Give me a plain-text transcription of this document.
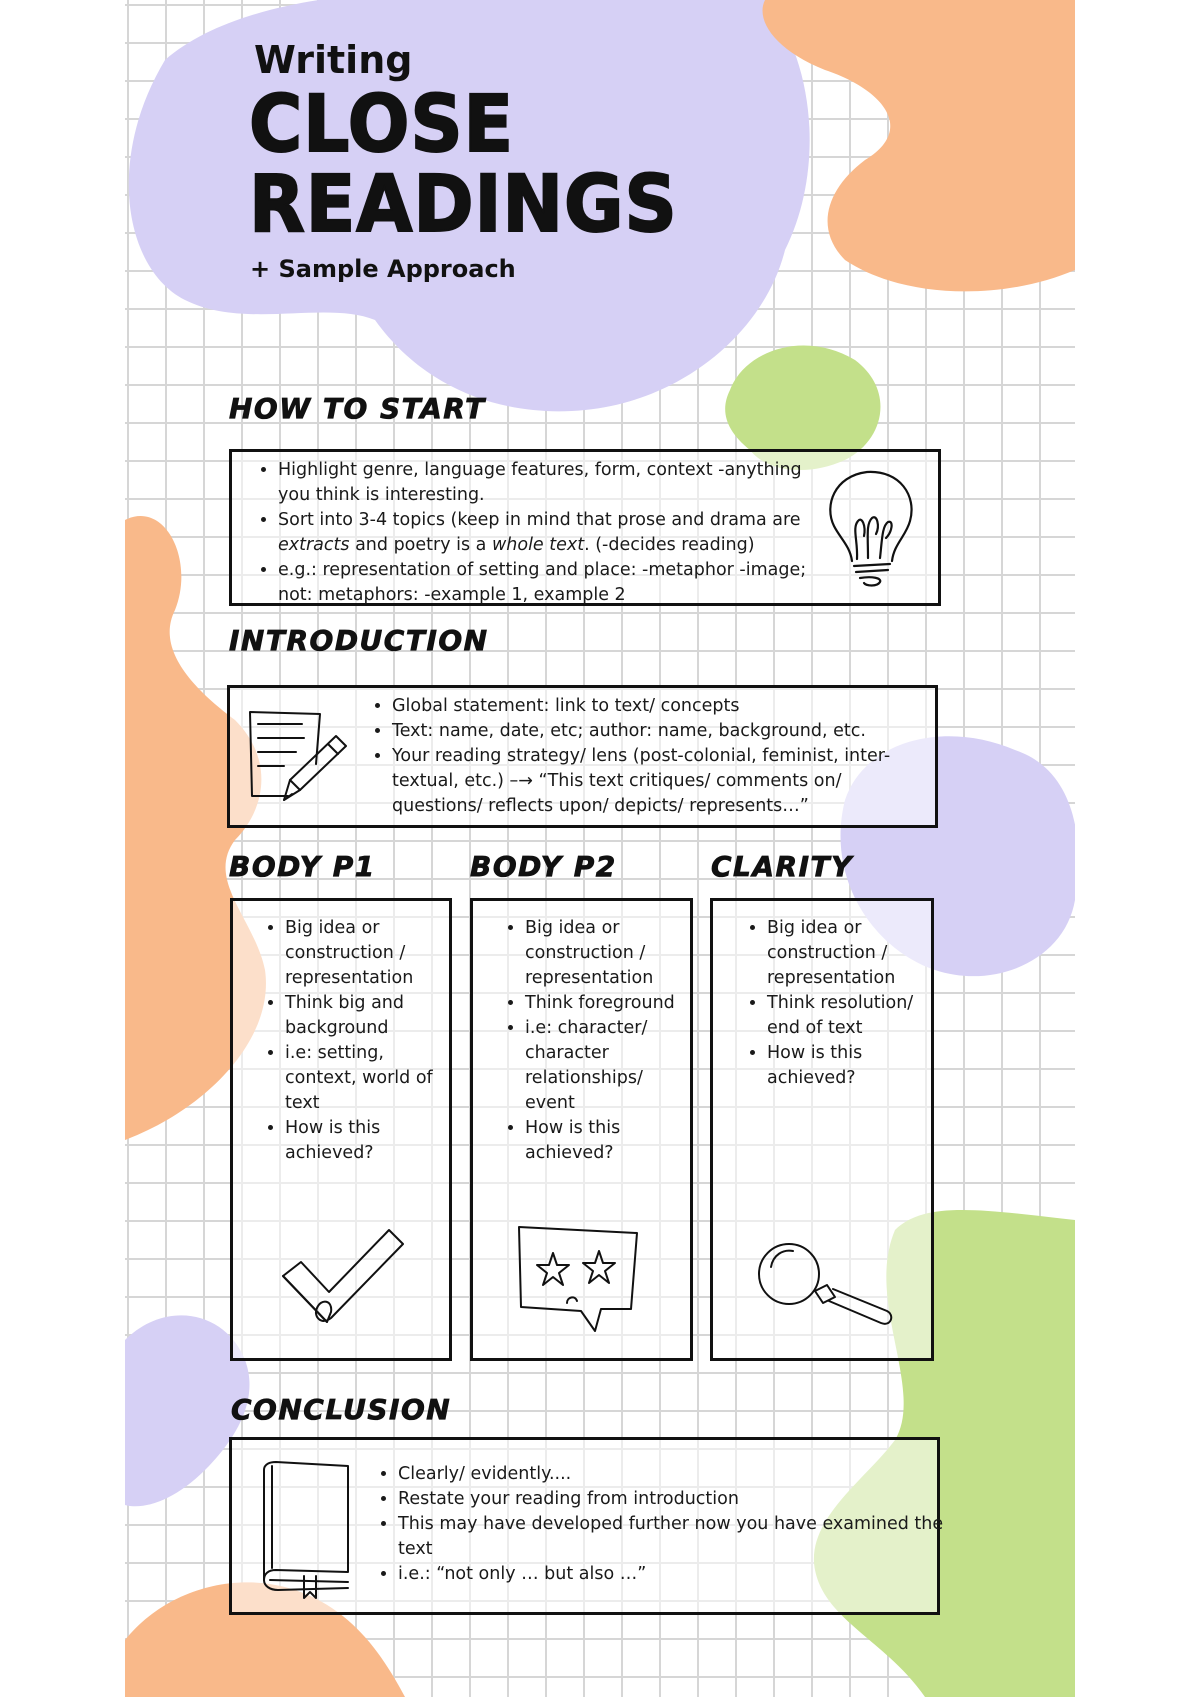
Writing
CLOSE
READINGS
+ Sample Approach
HOW TO START
• Highlight genre, language features, form, context -anything you think is interesting.
• Sort into 3-4 topics (keep in mind that prose and drama are extracts and poetry is a whole text. (-decides reading)
• e.g.: representation of setting and place: -metaphor -image; not: metaphors: -example 1, example 2
INTRODUCTION
• Global statement: link to text/ concepts
• Text: name, date, etc; author: name, background, etc.
• Your reading strategy/ lens (post-colonial, feminist, inter-textual, etc.) –→ “This text critiques/ comments on/ questions/ reflects upon/ depicts/ represents…”
BODY P1
• Big idea or construction / representation
• Think big and background
• i.e: setting, context, world of text
• How is this achieved?
BODY P2
• Big idea or construction / representation
• Think foreground
• i.e: character/ character relationships/ event
• How is this achieved?
CLARITY
• Big idea or construction / representation
• Think resolution/ end of text
• How is this achieved?
CONCLUSION
• Clearly/ evidently....
• Restate your reading from introduction
• This may have developed further now you have examined the text
• i.e.: “not only … but also …”
